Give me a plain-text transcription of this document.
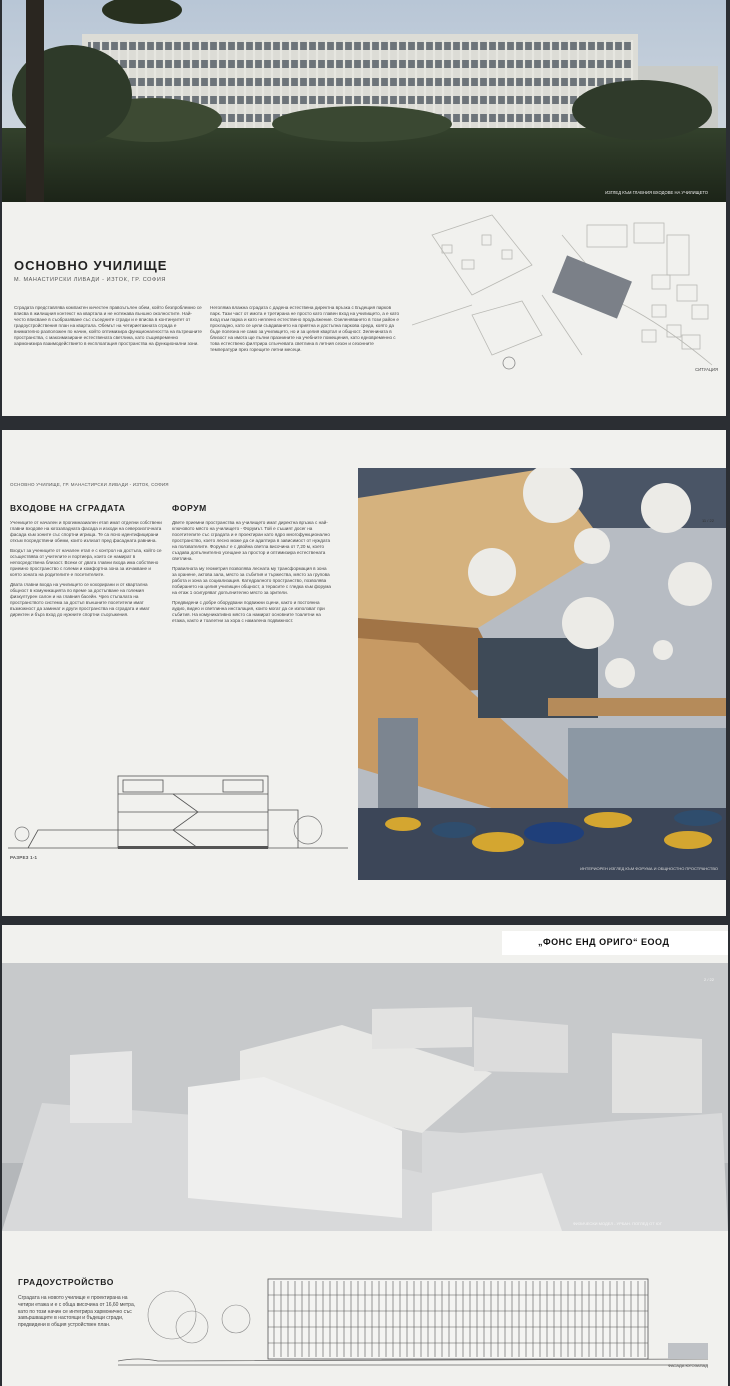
ИЗГЛЕД КЪМ ГЛАВНИЯ ВХОДОВЕ НА УЧИЛИЩЕТО
ОСНОВНО УЧИЛИЩЕ
М. МАНАСТИРСКИ ЛИВАДИ - ИЗТОК, ГР. СОФИЯ
Сградата представлява компактен кичестен правоъгълен обем, който безпроблемно се вписва в жилищния контекст на квартала и не нотежава външно околностите. Най-често вписване в съобразяване със съседните сгради и е вписва в континуитет от градоустройствения план на квартала. Обемът на четириетажната сграда е внимателно разположен по начин, който оптимизира функционалността на вътрешните пространства, с максимизиране естествената светлина, като същевременно хармонизира взаимодействието в експлоатация пространства на функционални зони.
Неголяма влажна сградата с дадена естествена директна връзка с Бъдещия парков парк. Тази част от имота е третирана не просто като главен вход на училището, а е като вход към парка и като неплено естествено продължение. Озеленяването в този район е прохладно, като се цели съвдаването на приятна и достъпна паркова среда, която да бъде полезна не само за училището, но и за целия квартал и общност. Зеленината в близост на имота ще пълни празнините на учебните помещения, като едновременно с това естествено филтрира слънчевата светлина в летния сезон и сезонните температури през горещите летни месеци.
СИТУАЦИЯ
ОСНОВНО УЧИЛИЩЕ, ГР. МАНАСТИРСКИ ЛИВАДИ - ИЗТОК, СОФИЯ
ВХОДОВЕ НА СГРАДАТА
Учениците от начален и прогимназиален етап имат отделни собствени главни входове на югозападната фасада и изходи на североизточната фасада към зоните със спортни игрища. Те са ясно идентифицирани откъм посредствени обеми, които излизат пред фасадната равнина.
Входът за учениците от начален етап е с контрол на достъпа, който се осъществява от учителите и портиера, които се намират в непосредствена близост. Всеки от двата главни входа има собствено приемно пространство с големи и комфортна зона за изчакване и която зоната на родителите е посетителите.
Двата главни входа на училището се кохорирани и от квартална общност в комуникацията по време за достъпване на големия физкултурен салон и на главния басейн. Чрез стъпалата на пространството система за достъп външните посетители имат възможност да заминат и други пространства на сградата и имат директен и бърз вход до нужните спортни съоръжения.
ФОРУМ
Двете приемни пространства на училището имат директна връзка с най-ключовото място на училището - Форумът. Той е съшият досег на посетителите със сградата и е проектиран като ядро многофункционално пространство, което лесно може да се адаптира в зависимост от нуждата на ползвателите. Форумът е с двойна светла височина от 7,20 м, което създава допълнително усещане за простор и оптимизира естествената светлина.
Правилната му геометрия позволява лесната му трансформация в зона за хранене, актова зала, място за събития и тържества, място за групова работа и зона за социализация. Катедралното пространство, позволява побирането на целия училищен общност, а терасите с гледка към форума на етаж 1 осигуряват допълнително място за зрители.
Предвидени с добре оборудвани подвижни сцени, както и постоянна аудио, видео и светлинна инсталация, които могат да се използват при събития. На комуникативно място са намират основните тоалетни на етажа, както и тоалетни за хора с намалена подвижност.
РАЗРЕЗ 1-1
11 / 22
ИНТЕРИОРЕН ИЗГЛЕД КЪМ ФОРУМА И ОБЩНОСТНО ПРОСТРАНСТВО
„ФОНС ЕНД ОРИГО“ ЕООД
2 / 22
ФИЗИЧЕСКИ МОДЕЛ - УРБАН. ПОГЛЕД ОТ ЮГ
ГРАДОУСТРОЙСТВО
Сградата на новото училище е проектирана на четири етажа и е с обща височина от 16,60 метра, като по този начин се интегрира хармонично със завършващите в настоящи и бъдещи сгради, предвидени в общия устройствен план.
ФАСАДА ЮГОЗАПАД
